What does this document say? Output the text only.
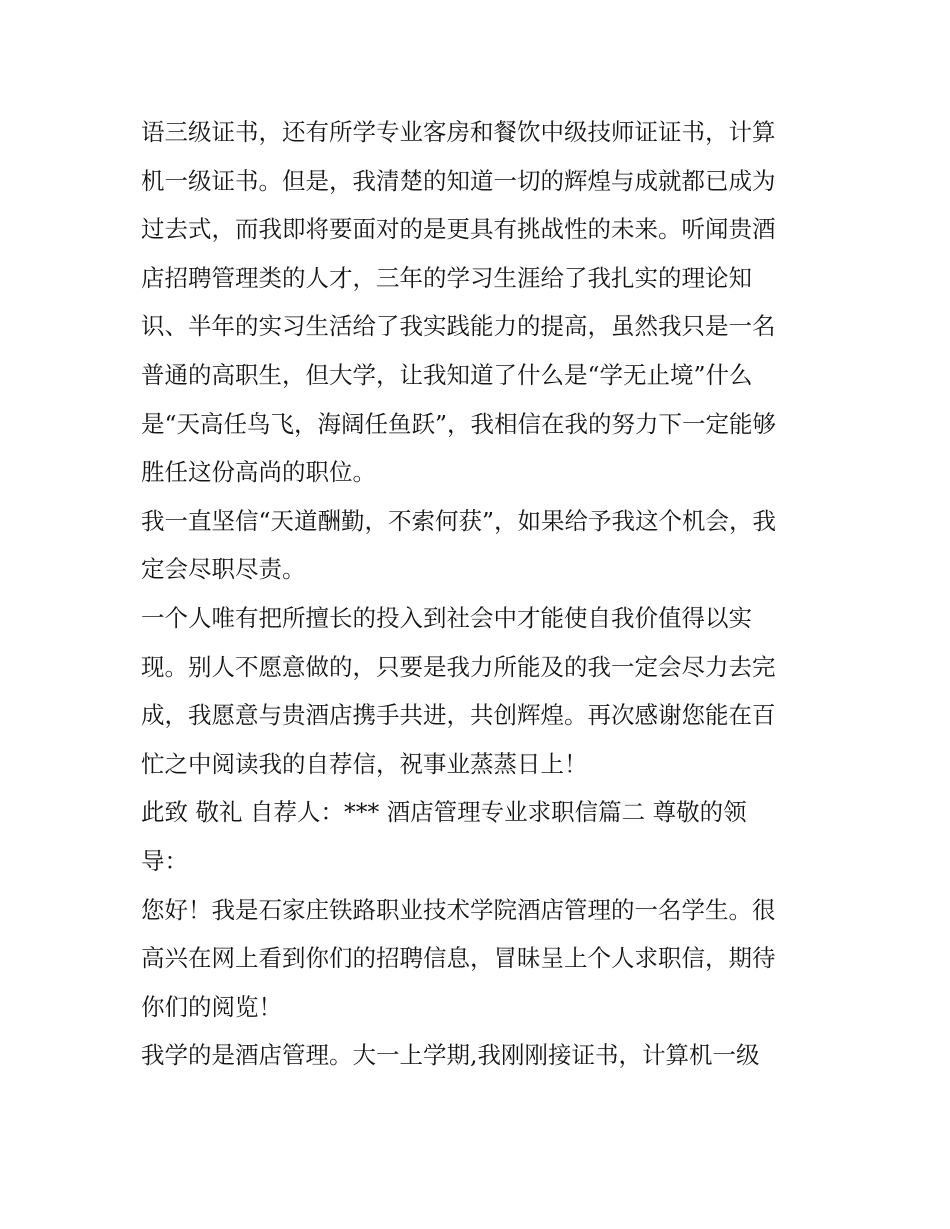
语三级证书，还有所学专业客房和餐饮中级技师证证书，计算
机一级证书。但是，我清楚的知道一切的辉煌与成就都已成为
过去式，而我即将要面对的是更具有挑战性的未来。听闻贵酒
店招聘管理类的人才，三年的学习生涯给了我扎实的理论知
识、半年的实习生活给了我实践能力的提高，虽然我只是一名
普通的高职生，但大学，让我知道了什么是“学无止境”什么
是“天高任鸟飞，海阔任鱼跃”，我相信在我的努力下一定能够
胜任这份高尚的职位。
我一直坚信“天道酬勤，不索何获”，如果给予我这个机会，我
定会尽职尽责。
一个人唯有把所擅长的投入到社会中才能使自我价值得以实
现。别人不愿意做的，只要是我力所能及的我一定会尽力去完
成，我愿意与贵酒店携手共进，共创辉煌。再次感谢您能在百
忙之中阅读我的自荐信，祝事业蒸蒸日上！
此致 敬礼 自荐人：*** 酒店管理专业求职信篇二 尊敬的领
导：
您好！我是石家庄铁路职业技术学院酒店管理的一名学生。很
高兴在网上看到你们的招聘信息，冒昧呈上个人求职信，期待
你们的阅览！
我学的是酒店管理。大一上学期,我刚刚接证书，计算机一级
